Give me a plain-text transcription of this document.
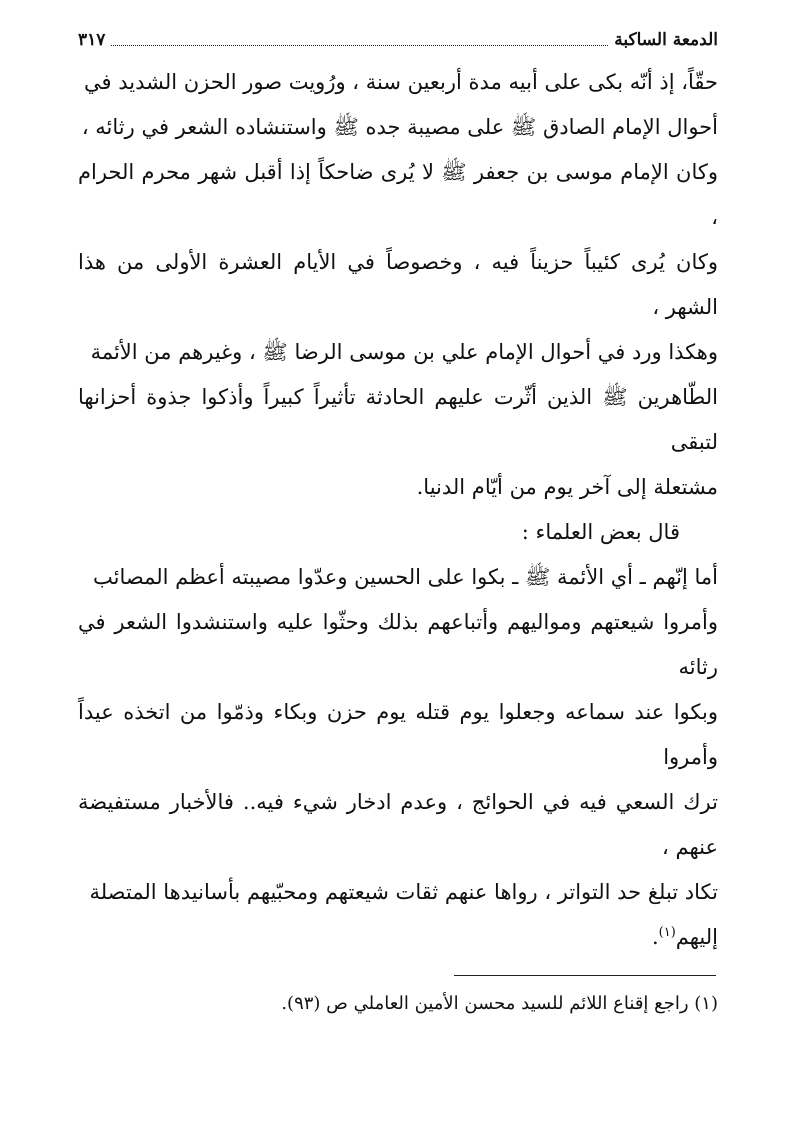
الدمعة الساكبة
٣١٧

حقّاً، إذ أنّه بكى على أبيه مدة أربعين سنة ، ورُويت صور الحزن الشديد في

أحوال الإمام الصادق ﷺ على مصيبة جده ﷺ واستنشاده الشعر في رثائه ،

وكان الإمام موسى بن جعفر ﷺ لا يُرى ضاحكاً إذا أقبل شهر محرم الحرام ،

وكان يُرى كئيباً حزيناً فيه ، وخصوصاً في الأيام العشرة الأولى من هذا الشهر ،

وهكذا ورد في أحوال الإمام علي بن موسى الرضا ﷺ ، وغيرهم من الأئمة

الطّاهرين ﷺ الذين أثّرت عليهم الحادثة تأثيراً كبيراً وأذكوا جذوة أحزانها لتبقى

مشتعلة إلى آخر يوم من أيّام الدنيا.

قال بعض العلماء :

أما إنّهم ـ أي الأئمة ﷺ ـ بكوا على الحسين وعدّوا مصيبته أعظم المصائب

وأمروا شيعتهم ومواليهم وأتباعهم بذلك وحثّوا عليه واستنشدوا الشعر في رثائه

وبكوا عند سماعه وجعلوا يوم قتله يوم حزن وبكاء وذمّوا من اتخذه عيداً وأمروا

ترك السعي فيه في الحوائج ، وعدم ادخار شيء فيه.. فالأخبار مستفيضة عنهم ،

تكاد تبلغ حد التواتر ، رواها عنهم ثقات شيعتهم ومحبّيهم بأسانيدها المتصلة

إليهم$^{(١)}$.

(١) راجع إقناع اللائم للسيد محسن الأمين العاملي ص (٩٣).
